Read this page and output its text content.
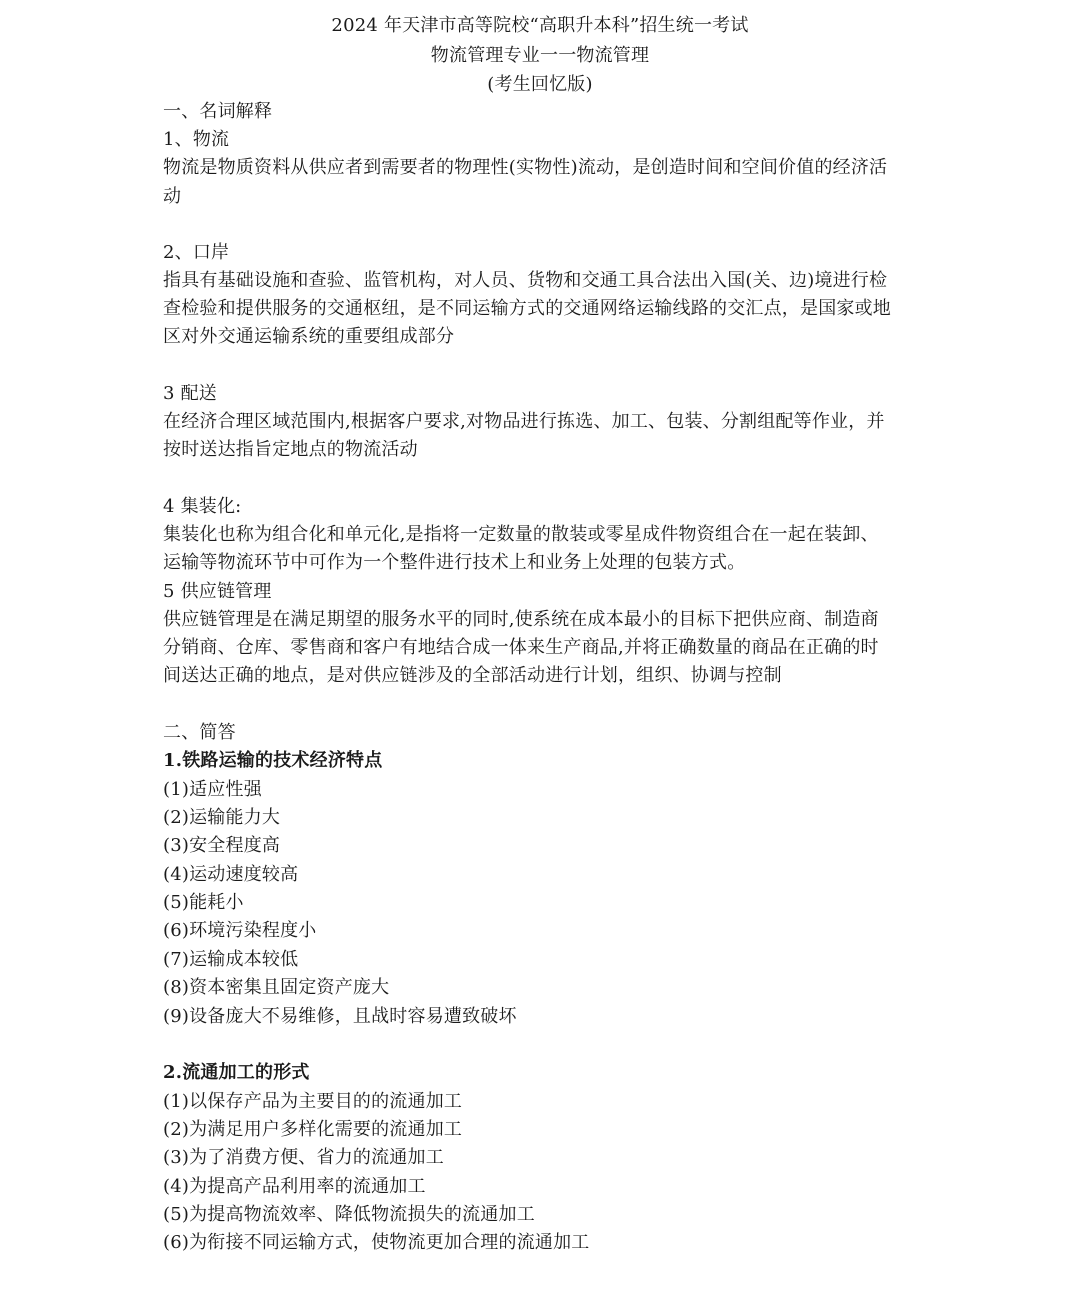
2024 年天津市高等院校“高职升本科”招生统一考试

物流管理专业一一物流管理

(考生回忆版)

一、名词解释

1、物流

物流是物质资料从供应者到需要者的物理性(实物性)流动，是创造时间和空间价值的经济活

动

2、口岸

指具有基础设施和查验、监管机构，对人员、货物和交通工具合法出入国(关、边)境进行检

查检验和提供服务的交通枢纽，是不同运输方式的交通网络运输线路的交汇点，是国家或地

区对外交通运输系统的重要组成部分

3 配送

在经济合理区域范围内,根据客户要求,对物品进行拣选、加工、包装、分割组配等作业，并

按时送达指旨定地点的物流活动

4 集装化:

集装化也称为组合化和单元化,是指将一定数量的散装或零星成件物资组合在一起在装卸、

运输等物流环节中可作为一个整件进行技术上和业务上处理的包装方式。

5 供应链管理

供应链管理是在满足期望的服务水平的同时,使系统在成本最小的目标下把供应商、制造商

分销商、仓库、零售商和客户有地结合成一体来生产商品,并将正确数量的商品在正确的时

间送达正确的地点，是对供应链涉及的全部活动进行计划，组织、协调与控制

二、简答

1.铁路运输的技术经济特点

(1)适应性强

(2)运输能力大

(3)安全程度高

(4)运动速度较高

(5)能耗小

(6)环境污染程度小

(7)运输成本较低

(8)资本密集且固定资产庞大

(9)设备庞大不易维修，且战时容易遭致破坏

2.流通加工的形式

(1)以保存产品为主要目的的流通加工

(2)为满足用户多样化需要的流通加工

(3)为了消费方便、省力的流通加工

(4)为提高产品利用率的流通加工

(5)为提高物流效率、降低物流损失的流通加工

(6)为衔接不同运输方式，使物流更加合理的流通加工
